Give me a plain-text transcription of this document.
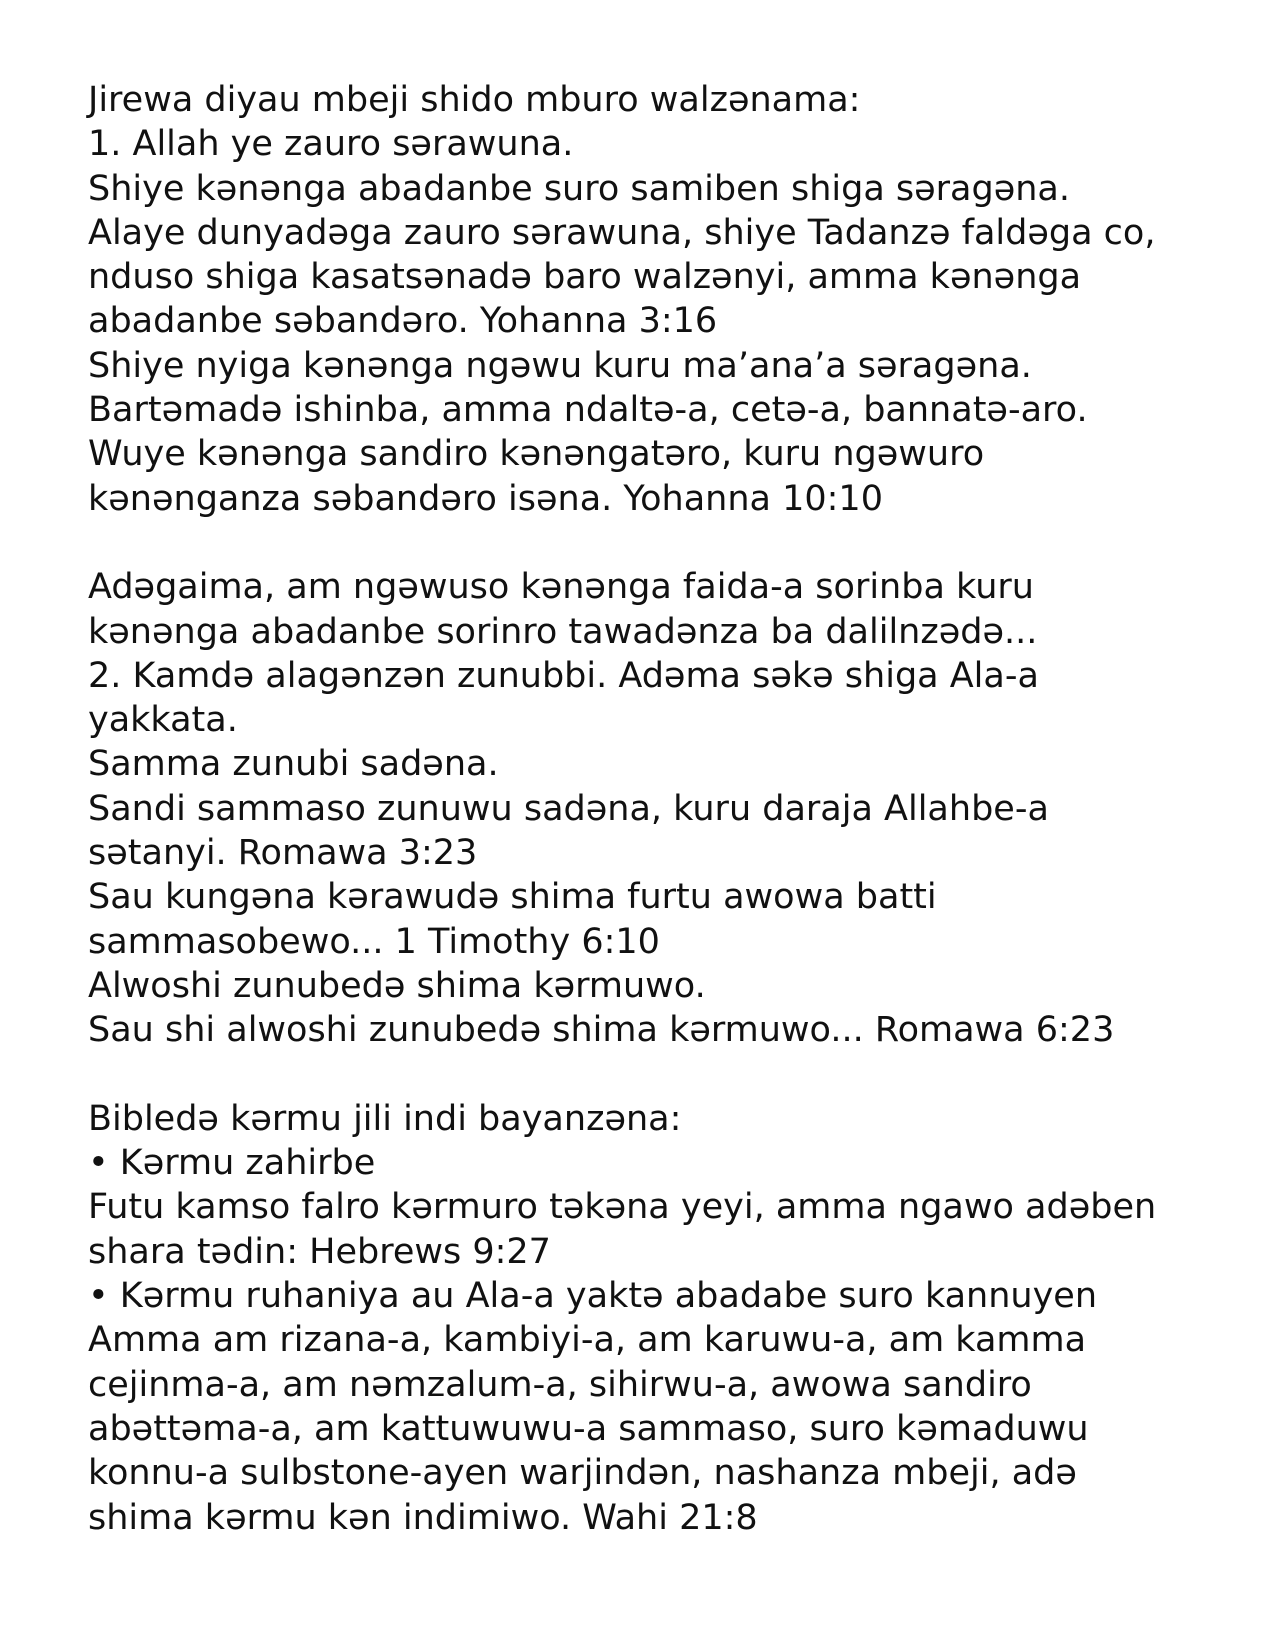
Jirewa diyau mbeji shido mburo walzənama:
1. Allah ye zauro sərawuna.
Shiye kənənga abadanbe suro samiben shiga səragəna.
Alaye dunyadəga zauro sərawuna, shiye Tadanzə faldəga co,
nduso shiga kasatsənadə baro walzənyi, amma kənənga
abadanbe səbandəro. Yohanna 3:16
Shiye nyiga kənənga ngəwu kuru ma’ana’a səragəna.
Bartəmadə ishinba, amma ndaltə-a, cetə-a, bannatə-aro.
Wuye kənənga sandiro kənəngatəro, kuru ngəwuro
kənənganza səbandəro isəna. Yohanna 10:10
Adəgaima, am ngəwuso kənənga faida-a sorinba kuru
kənənga abadanbe sorinro tawadənza ba dalilnzədə...
2. Kamdə alagənzən zunubbi. Adəma səkə shiga Ala-a
yakkata.
Samma zunubi sadəna.
Sandi sammaso zunuwu sadəna, kuru daraja Allahbe-a
sətanyi. Romawa 3:23
Sau kungəna kərawudə shima furtu awowa batti
sammasobewo... 1 Timothy 6:10
Alwoshi zunubedə shima kərmuwo.
Sau shi alwoshi zunubedə shima kərmuwo... Romawa 6:23
Bibledə kərmu jili indi bayanzəna:
• Kərmu zahirbe
Futu kamso falro kərmuro təkəna yeyi, amma ngawo adəben
shara tədin: Hebrews 9:27
• Kərmu ruhaniya au Ala-a yaktə abadabe suro kannuyen
Amma am rizana-a, kambiyi-a, am karuwu-a, am kamma
cejinma-a, am nəmzalum-a, sihirwu-a, awowa sandiro
abəttəma-a, am kattuwuwu-a sammaso, suro kəmaduwu
konnu-a sulbstone-ayen warjindən, nashanza mbeji, adə
shima kərmu kən indimiwo. Wahi 21:8
